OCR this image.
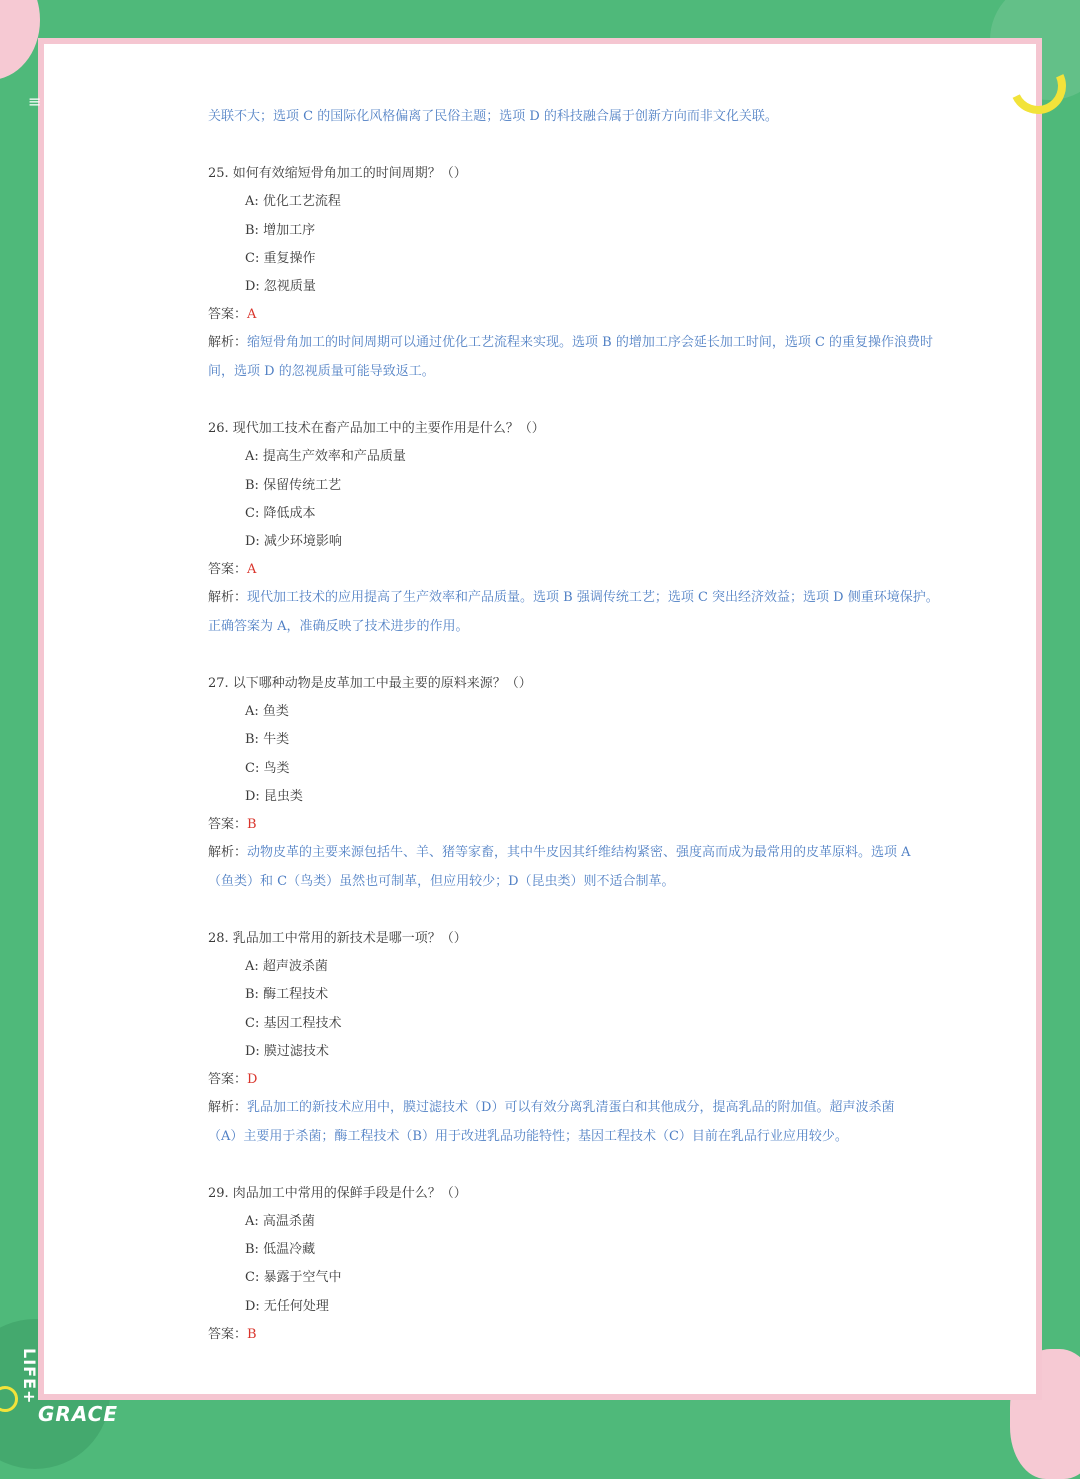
关联不大；选项 C 的国际化风格偏离了民俗主题；选项 D 的科技融合属于创新方向而非文化关联。
25. 如何有效缩短骨角加工的时间周期？（）
A: 优化工艺流程
B: 增加工序
C: 重复操作
D: 忽视质量
答案：A
解析：缩短骨角加工的时间周期可以通过优化工艺流程来实现。选项 B 的增加工序会延长加工时间，选项 C 的重复操作浪费时
间，选项 D 的忽视质量可能导致返工。
26. 现代加工技术在畜产品加工中的主要作用是什么？（）
A: 提高生产效率和产品质量
B: 保留传统工艺
C: 降低成本
D: 减少环境影响
答案：A
解析：现代加工技术的应用提高了生产效率和产品质量。选项 B 强调传统工艺；选项 C 突出经济效益；选项 D 侧重环境保护。
正确答案为 A，准确反映了技术进步的作用。
27. 以下哪种动物是皮革加工中最主要的原料来源？（）
A: 鱼类
B: 牛类
C: 鸟类
D: 昆虫类
答案：B
解析：动物皮革的主要来源包括牛、羊、猪等家畜，其中牛皮因其纤维结构紧密、强度高而成为最常用的皮革原料。选项 A
（鱼类）和 C（鸟类）虽然也可制革，但应用较少；D（昆虫类）则不适合制革。
28. 乳品加工中常用的新技术是哪一项？（）
A: 超声波杀菌
B: 酶工程技术
C: 基因工程技术
D: 膜过滤技术
答案：D
解析：乳品加工的新技术应用中，膜过滤技术（D）可以有效分离乳清蛋白和其他成分，提高乳品的附加值。超声波杀菌
（A）主要用于杀菌；酶工程技术（B）用于改进乳品功能特性；基因工程技术（C）目前在乳品行业应用较少。
29. 肉品加工中常用的保鲜手段是什么？（）
A: 高温杀菌
B: 低温冷藏
C: 暴露于空气中
D: 无任何处理
答案：B
≡
LIFE+
GRACE
